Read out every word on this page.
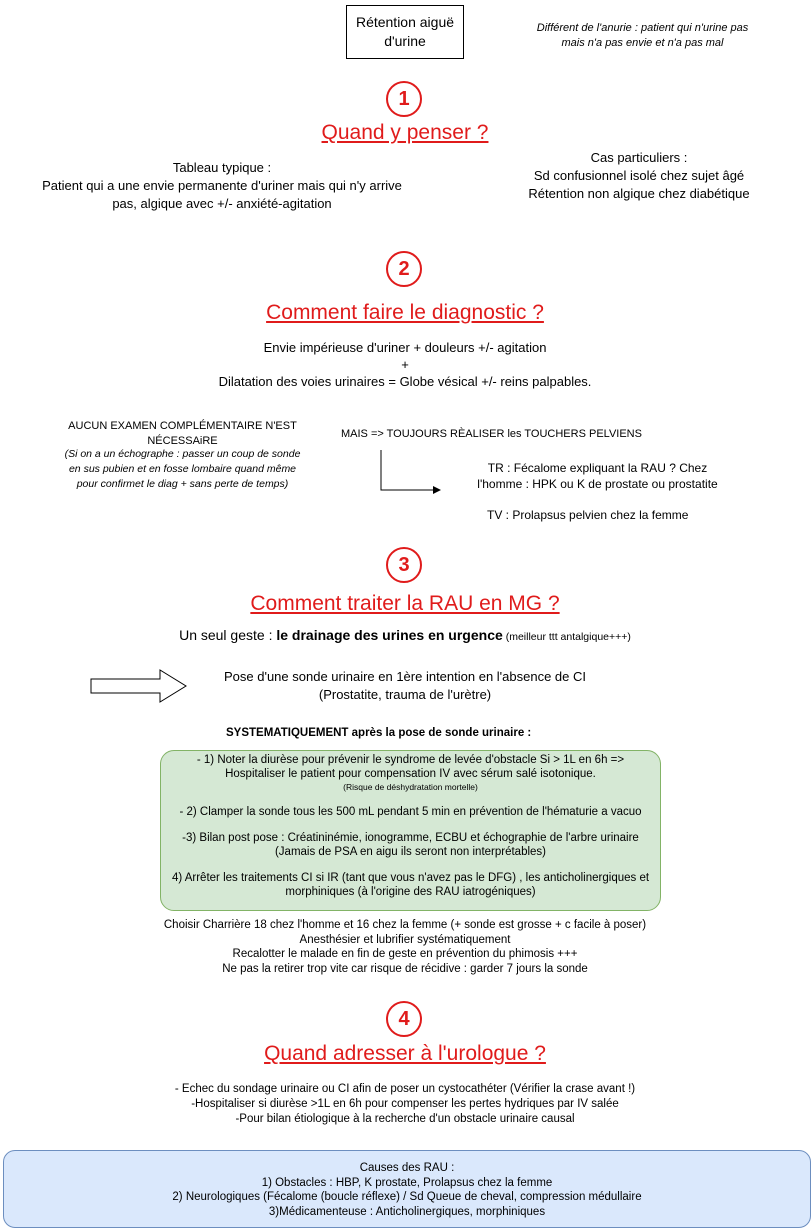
Rétention aiguë
d'urine
Différent de l'anurie : patient qui n'urine pas
mais n'a pas envie et n'a pas mal
1
Quand y penser ?
Tableau typique :
Patient qui a une envie permanente d'uriner mais qui n'y arrive
pas, algique avec +/- anxiété-agitation
Cas particuliers :
Sd confusionnel isolé chez sujet âgé
Rétention non algique chez diabétique
2
Comment faire le diagnostic ?
Envie impérieuse d'uriner + douleurs +/- agitation
+
Dilatation des voies urinaires = Globe vésical +/- reins palpables.
AUCUN EXAMEN COMPLÉMENTAIRE N'EST
NÉCESSAiRE
(Si on a un échographe : passer un coup de sonde
en sus pubien et en fosse lombaire quand même
pour confirmet le diag + sans perte de temps)
MAIS => TOUJOURS RÈALISER les TOUCHERS PELVIENS
TR : Fécalome expliquant la RAU ? Chez
l'homme : HPK ou K de prostate ou prostatite
TV : Prolapsus pelvien chez la femme
3
Comment traiter la RAU en MG ?
Un seul geste : le drainage des urines en urgence (meilleur ttt antalgique+++)
Pose d'une sonde urinaire en 1ère intention en l'absence de CI
(Prostatite, trauma de l'urètre)
SYSTEMATIQUEMENT après la pose de sonde urinaire :
- 1) Noter la diurèse pour prévenir le syndrome de levée d'obstacle Si > 1L en 6h =>
Hospitaliser le patient pour compensation IV avec sérum salé isotonique.
(Risque de déshydratation mortelle)
- 2) Clamper la sonde tous les 500 mL pendant 5 min en prévention de l'hématurie a vacuo
-3) Bilan post pose : Créatininémie, ionogramme, ECBU et échographie de l'arbre urinaire
(Jamais de PSA en aigu ils seront non interprétables)
4) Arrêter les traitements CI si IR (tant que vous n'avez pas le DFG) , les anticholinergiques et
morphiniques (à l'origine des RAU iatrogéniques)
Choisir Charrière 18 chez l'homme et 16 chez la femme (+ sonde est grosse + c facile à poser)
Anesthésier et lubrifier systématiquement
Recalotter le malade en fin de geste en prévention du phimosis +++
Ne pas la retirer trop vite car risque de récidive : garder 7 jours la sonde
4
Quand adresser à l'urologue ?
- Echec du sondage urinaire ou CI afin de poser un cystocathéter (Vérifier la crase avant !)
-Hospitaliser si diurèse >1L en 6h pour compenser les pertes hydriques par IV salée
-Pour bilan étiologique à la recherche d'un obstacle urinaire causal
Causes des RAU :
1) Obstacles : HBP, K prostate, Prolapsus chez la femme
2) Neurologiques (Fécalome (boucle réflexe) / Sd Queue de cheval, compression médullaire
3)Médicamenteuse : Anticholinergiques, morphiniques
